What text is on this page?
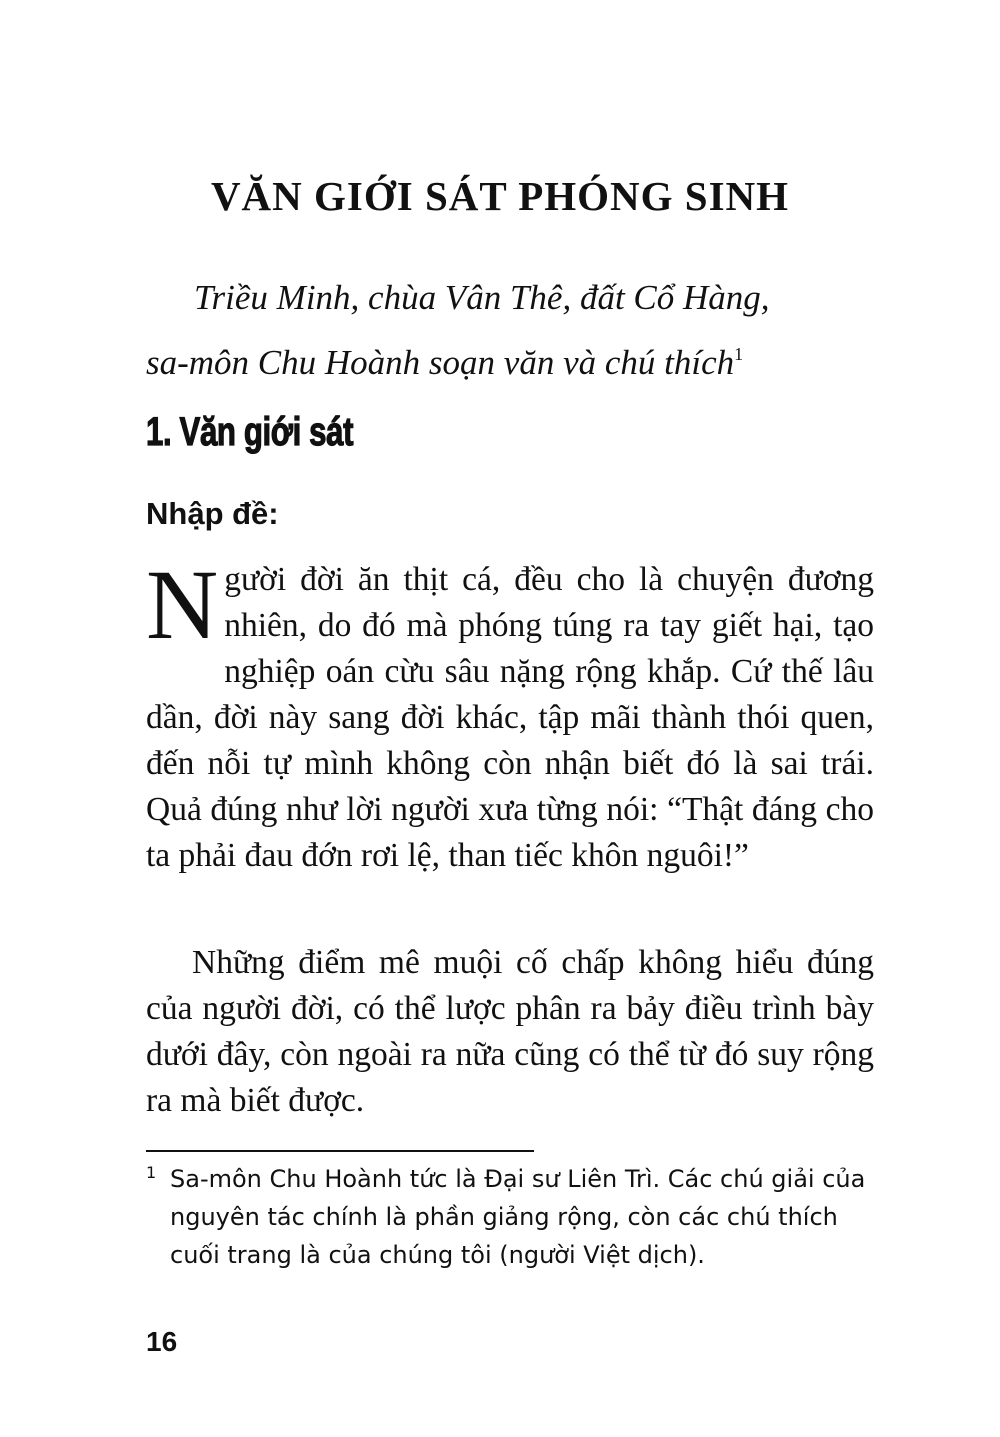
VĂN GIỚI SÁT PHÓNG SINH

Triều Minh, chùa Vân Thê, đất Cổ Hàng,
sa-môn Chu Hoành soạn văn và chú thích$^1$

1. Văn giới sát
Nhập đề:

Người đời ăn thịt cá, đều cho là chuyện đương nhiên, do đó mà phóng túng ra tay giết hại, tạo nghiệp oán cừu sâu nặng rộng khắp. Cứ thế lâu dần, đời này sang đời khác, tập mãi thành thói quen, đến nỗi tự mình không còn nhận biết đó là sai trái. Quả đúng như lời người xưa từng nói: “Thật đáng cho ta phải đau đớn rơi lệ, than tiếc khôn nguôi!”

Những điểm mê muội cố chấp không hiểu đúng của người đời, có thể lược phân ra bảy điều trình bày dưới đây, còn ngoài ra nữa cũng có thể từ đó suy rộng ra mà biết được.

1 Sa-môn Chu Hoành tức là Đại sư Liên Trì. Các chú giải của nguyên tác chính là phần giảng rộng, còn các chú thích cuối trang là của chúng tôi (người Việt dịch).

16
